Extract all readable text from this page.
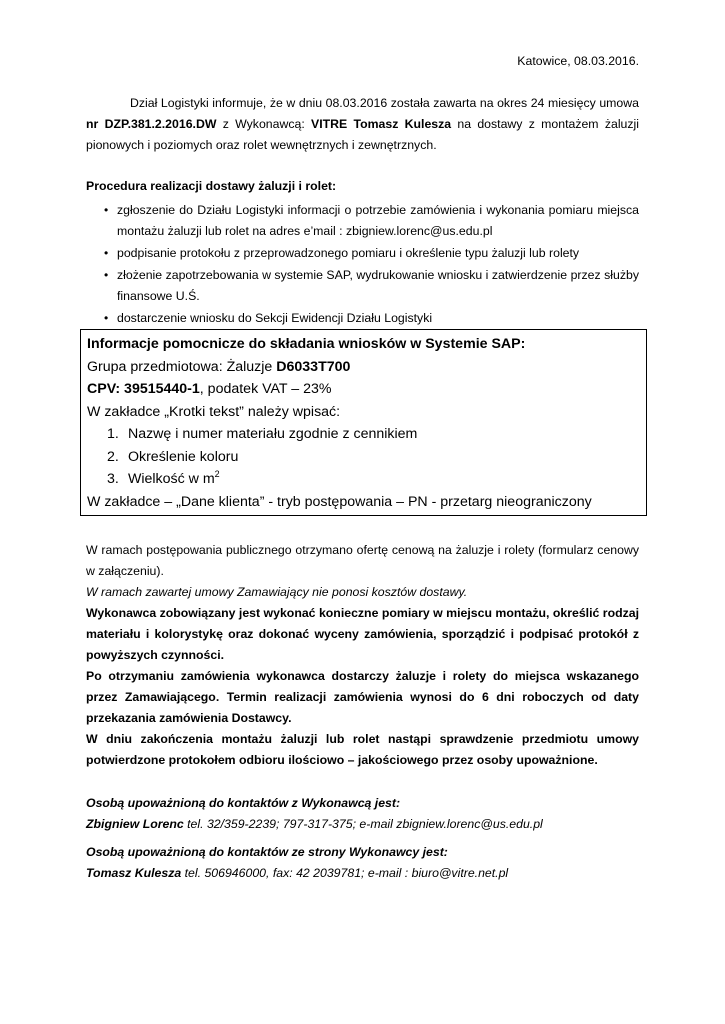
Katowice, 08.03.2016.
Dział Logistyki informuje, że w dniu 08.03.2016 została zawarta na okres 24 miesięcy umowa nr DZP.381.2.2016.DW z Wykonawcą: VITRE Tomasz Kulesza na dostawy z montażem żaluzji pionowych i poziomych oraz rolet wewnętrznych i zewnętrznych.
Procedura realizacji dostawy żaluzji i rolet:
• zgłoszenie do Działu Logistyki informacji o potrzebie zamówienia i wykonania pomiaru miejsca montażu żaluzji lub rolet na adres e’mail : zbigniew.lorenc@us.edu.pl
• podpisanie protokołu z przeprowadzonego pomiaru i określenie typu żaluzji lub rolety
• złożenie zapotrzebowania w systemie SAP, wydrukowanie wniosku i zatwierdzenie przez służby finansowe U.Ś.
• dostarczenie wniosku do Sekcji Ewidencji Działu Logistyki
Informacje pomocnicze do składania wniosków w Systemie SAP:
Grupa przedmiotowa: Żaluzje D6033T700
CPV: 39515440-1, podatek VAT – 23%
W zakładce „Krotki tekst” należy wpisać:
1. Nazwę i numer materiału zgodnie z cennikiem
2. Określenie koloru
3. Wielkość w $m^2$
W zakładce – „Dane klienta” - tryb postępowania – PN - przetarg nieograniczony

W ramach postępowania publicznego otrzymano ofertę cenową na żaluzje i rolety (formularz cenowy w załączeniu).

W ramach zawartej umowy Zamawiający nie ponosi kosztów dostawy.

Wykonawca zobowiązany jest wykonać konieczne pomiary w miejscu montażu, określić rodzaj materiału i kolorystykę oraz dokonać wyceny zamówienia, sporządzić i podpisać protokół z powyższych czynności.

Po otrzymaniu zamówienia wykonawca dostarczy żaluzje i rolety do miejsca wskazanego przez Zamawiającego. Termin realizacji zamówienia wynosi do 6 dni roboczych od daty przekazania zamówienia Dostawcy.

W dniu zakończenia montażu żaluzji lub rolet nastąpi sprawdzenie przedmiotu umowy potwierdzone protokołem odbioru ilościowo – jakościowego przez osoby upoważnione.

Osobą upoważnioną do kontaktów z Wykonawcą jest:
Zbigniew Lorenc tel. 32/359-2239; 797-317-375; e-mail zbigniew.lorenc@us.edu.pl
Osobą upoważnioną do kontaktów ze strony Wykonawcy jest:
Tomasz Kulesza tel. 506946000, fax: 42 2039781; e-mail : biuro@vitre.net.pl
